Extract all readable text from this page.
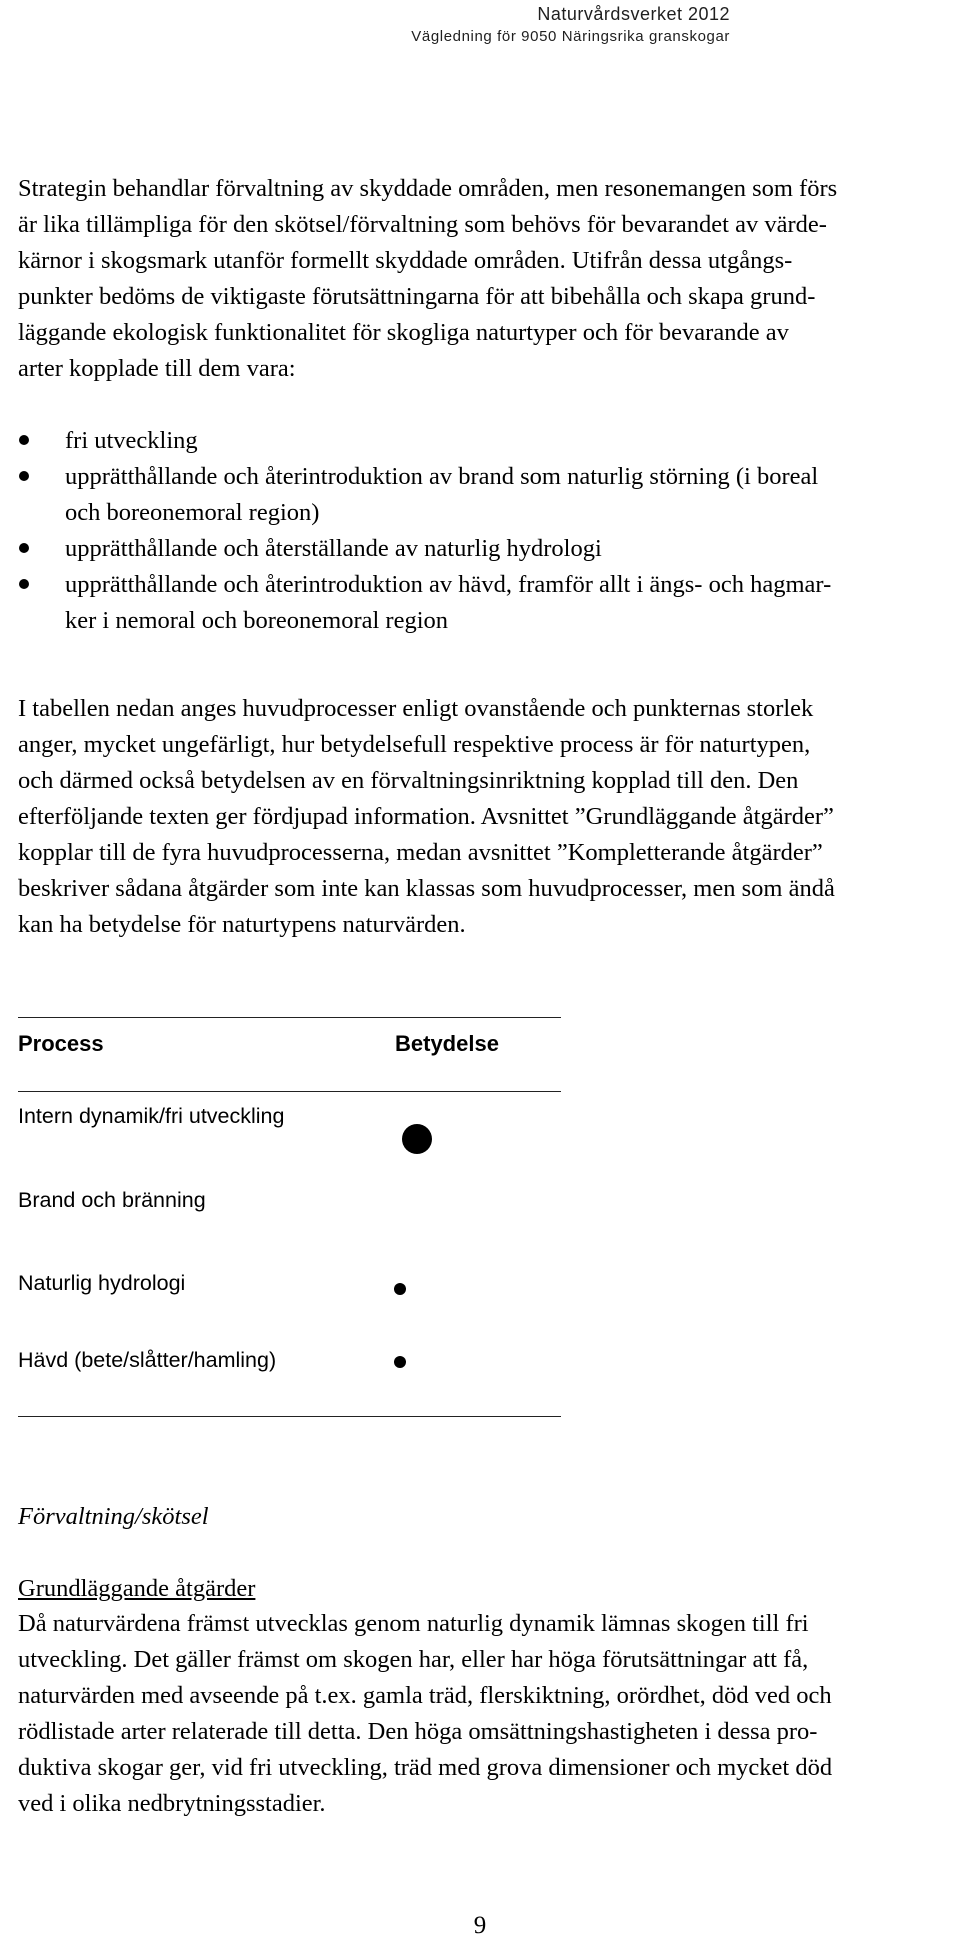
Naturvårdsverket 2012
Vägledning för 9050 Näringsrika granskogar

Strategin behandlar förvaltning av skyddade områden, men resonemangen som förs
är lika tillämpliga för den skötsel/förvaltning som behövs för bevarandet av värde-
kärnor i skogsmark utanför formellt skyddade områden. Utifrån dessa utgångs-
punkter bedöms de viktigaste förutsättningarna för att bibehålla och skapa grund-
läggande ekologisk funktionalitet för skogliga naturtyper och för bevarande av
arter kopplade till dem vara:

fri utveckling
upprätthållande och återintroduktion av brand som naturlig störning (i boreal
och boreonemoral region)
upprätthållande och återställande av naturlig hydrologi
upprätthållande och återintroduktion av hävd, framför allt i ängs- och hagmar-
ker i nemoral och boreonemoral region

I tabellen nedan anges huvudprocesser enligt ovanstående och punkternas storlek
anger, mycket ungefärligt, hur betydelsefull respektive process är för naturtypen,
och därmed också betydelsen av en förvaltningsinriktning kopplad till den. Den
efterföljande texten ger fördjupad information. Avsnittet ”Grundläggande åtgärder”
kopplar till de fyra huvudprocesserna, medan avsnittet ”Kompletterande åtgärder”
beskriver sådana åtgärder som inte kan klassas som huvudprocesser, men som ändå
kan ha betydelse för naturtypens naturvärden.

Process	Betydelse
Intern dynamik/fri utveckling
Brand och bränning
Naturlig hydrologi
Hävd (bete/slåtter/hamling)
Förvaltning/skötsel
Grundläggande åtgärder

Då naturvärdena främst utvecklas genom naturlig dynamik lämnas skogen till fri
utveckling. Det gäller främst om skogen har, eller har höga förutsättningar att få,
naturvärden med avseende på t.ex. gamla träd, flerskiktning, orördhet, död ved och
rödlistade arter relaterade till detta. Den höga omsättningshastigheten i dessa pro-
duktiva skogar ger, vid fri utveckling, träd med grova dimensioner och mycket död
ved i olika nedbrytningsstadier.

9
